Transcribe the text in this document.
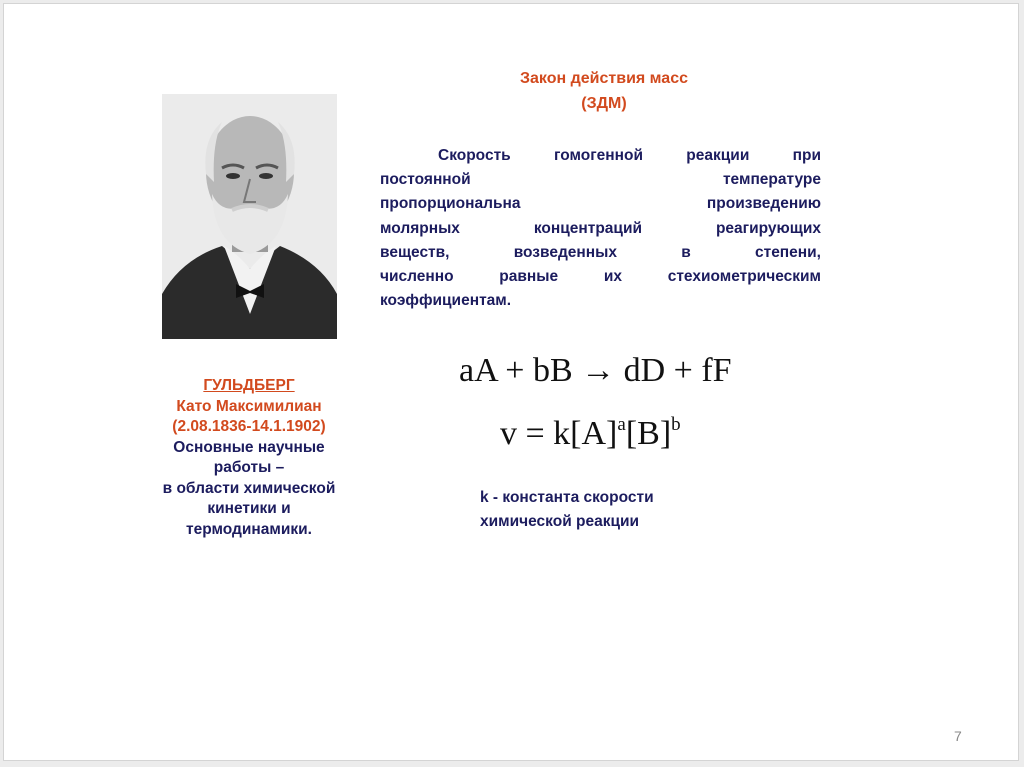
ГУЛЬДБЕРГ
Като Максимилиан
(2.08.1836-14.1.1902)
Основные научные
работы –
в области химической
кинетики и
термодинамики.
Закон действия масс
(ЗДМ)
Скорость гомогенной реакции при
постоянной температуре
пропорциональна произведению
молярных концентраций реагирующих
веществ, возведенных в степени,
численно равные их стехиометрическим
коэффициентам.
aA + bB → dD + fF
$v = k[A]^a[B]^b$
k - константа скорости
химической реакции
7
